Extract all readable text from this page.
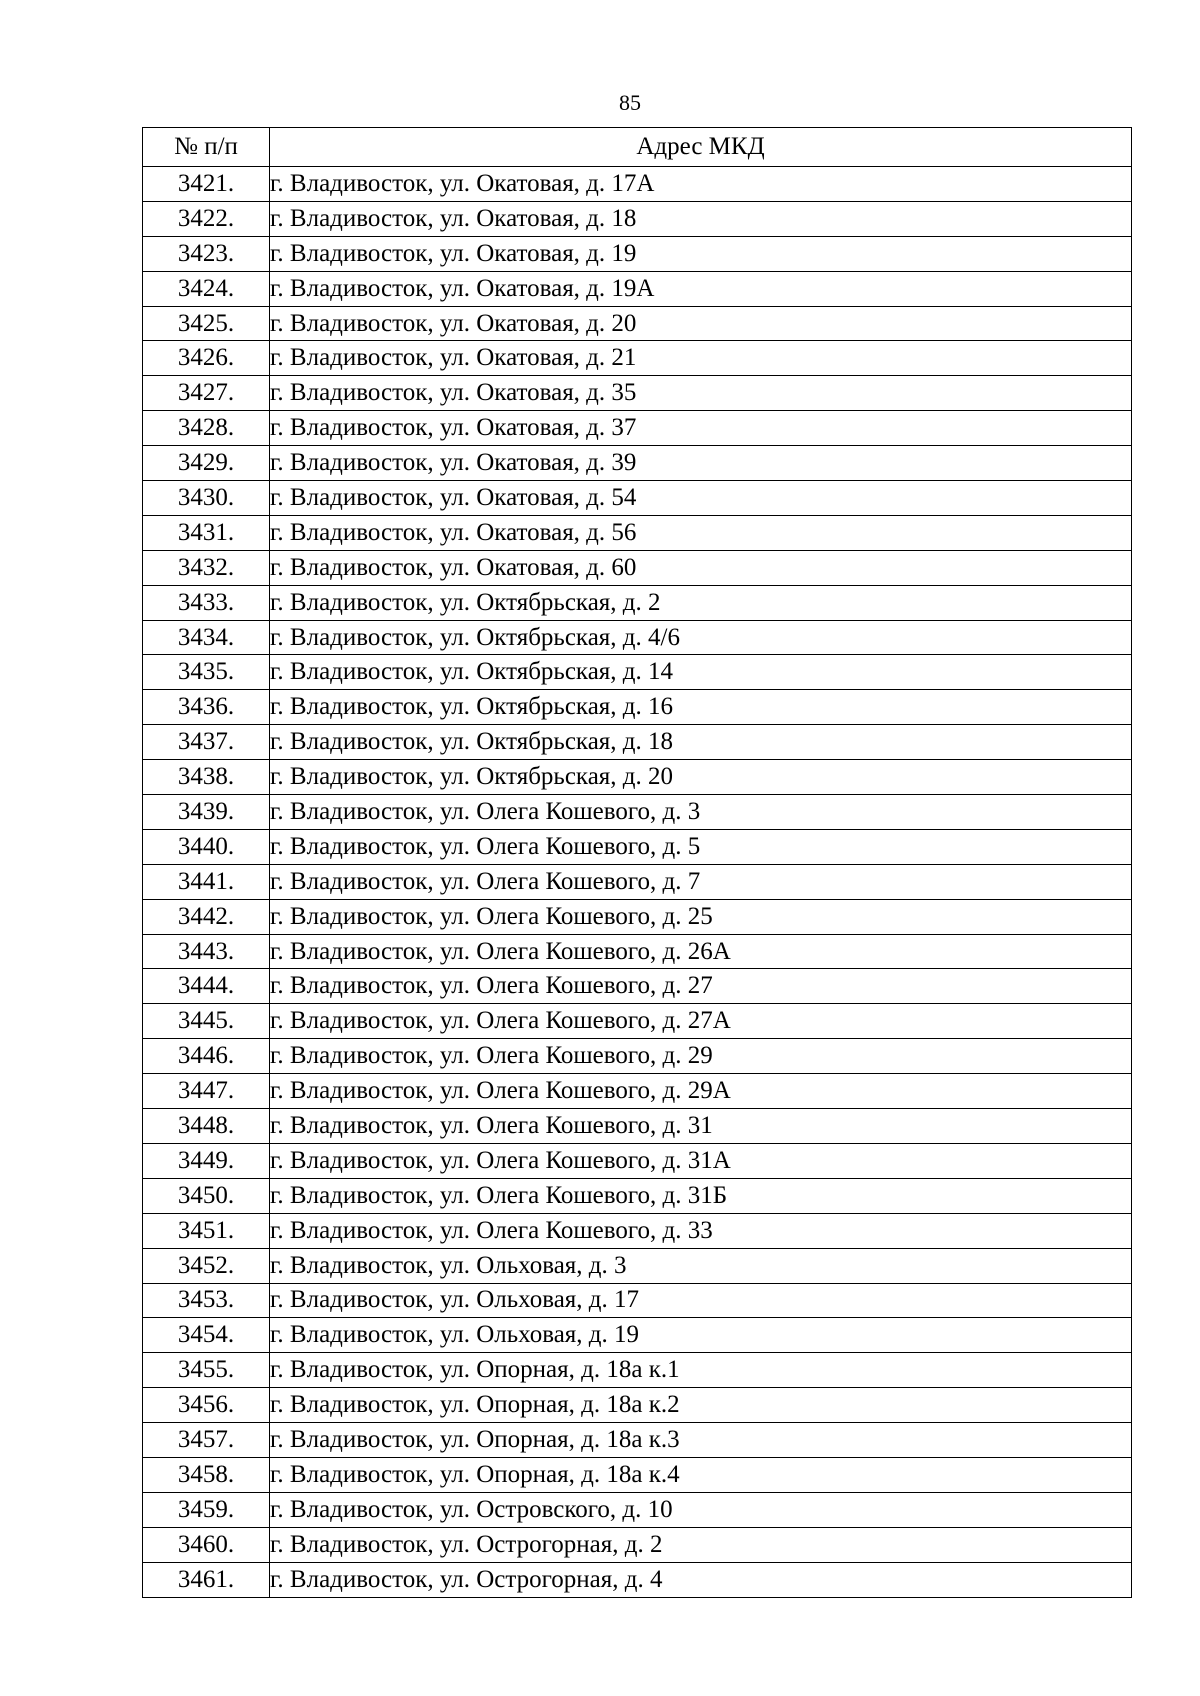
85
№ п/п	Адрес МКД
3421.	г. Владивосток, ул. Окатовая, д. 17А
3422.	г. Владивосток, ул. Окатовая, д. 18
3423.	г. Владивосток, ул. Окатовая, д. 19
3424.	г. Владивосток, ул. Окатовая, д. 19А
3425.	г. Владивосток, ул. Окатовая, д. 20
3426.	г. Владивосток, ул. Окатовая, д. 21
3427.	г. Владивосток, ул. Окатовая, д. 35
3428.	г. Владивосток, ул. Окатовая, д. 37
3429.	г. Владивосток, ул. Окатовая, д. 39
3430.	г. Владивосток, ул. Окатовая, д. 54
3431.	г. Владивосток, ул. Окатовая, д. 56
3432.	г. Владивосток, ул. Окатовая, д. 60
3433.	г. Владивосток, ул. Октябрьская, д. 2
3434.	г. Владивосток, ул. Октябрьская, д. 4/6
3435.	г. Владивосток, ул. Октябрьская, д. 14
3436.	г. Владивосток, ул. Октябрьская, д. 16
3437.	г. Владивосток, ул. Октябрьская, д. 18
3438.	г. Владивосток, ул. Октябрьская, д. 20
3439.	г. Владивосток, ул. Олега Кошевого, д. 3
3440.	г. Владивосток, ул. Олега Кошевого, д. 5
3441.	г. Владивосток, ул. Олега Кошевого, д. 7
3442.	г. Владивосток, ул. Олега Кошевого, д. 25
3443.	г. Владивосток, ул. Олега Кошевого, д. 26А
3444.	г. Владивосток, ул. Олега Кошевого, д. 27
3445.	г. Владивосток, ул. Олега Кошевого, д. 27А
3446.	г. Владивосток, ул. Олега Кошевого, д. 29
3447.	г. Владивосток, ул. Олега Кошевого, д. 29А
3448.	г. Владивосток, ул. Олега Кошевого, д. 31
3449.	г. Владивосток, ул. Олега Кошевого, д. 31А
3450.	г. Владивосток, ул. Олега Кошевого, д. 31Б
3451.	г. Владивосток, ул. Олега Кошевого, д. 33
3452.	г. Владивосток, ул. Ольховая, д. 3
3453.	г. Владивосток, ул. Ольховая, д. 17
3454.	г. Владивосток, ул. Ольховая, д. 19
3455.	г. Владивосток, ул. Опорная, д. 18а к.1
3456.	г. Владивосток, ул. Опорная, д. 18а к.2
3457.	г. Владивосток, ул. Опорная, д. 18а к.3
3458.	г. Владивосток, ул. Опорная, д. 18а к.4
3459.	г. Владивосток, ул. Островского, д. 10
3460.	г. Владивосток, ул. Острогорная, д. 2
3461.	г. Владивосток, ул. Острогорная, д. 4
